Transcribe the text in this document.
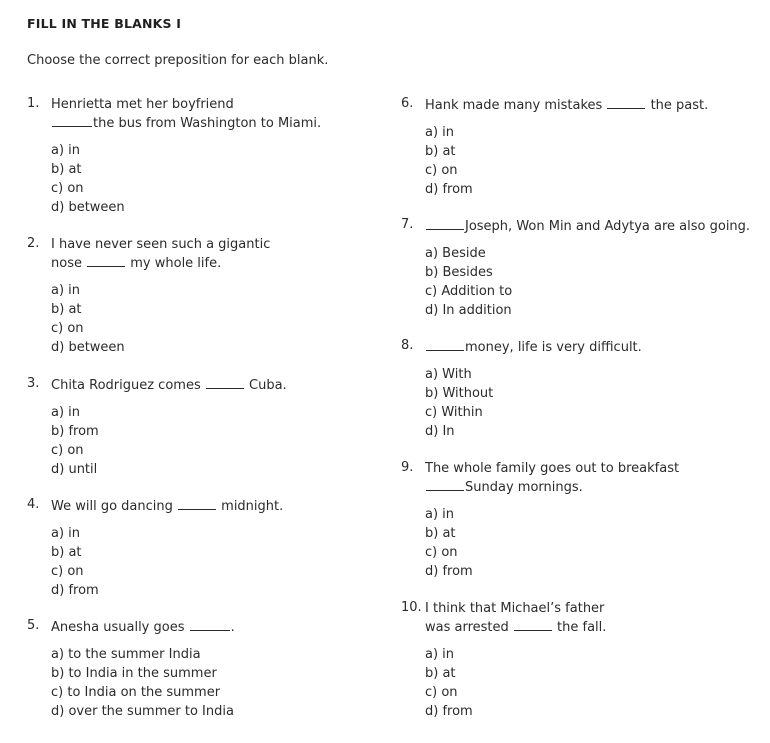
FILL IN THE BLANKS I
Choose the correct preposition for each blank.
1. Henrietta met her boyfriend
the bus from Washington to Miami.
a) in
b) at
c) on
d) between
2. I have never seen such a gigantic
nose	my whole life.
a) in
b) at
c) on
d) between
3. Chita Rodriguez comes	Cuba.
a) in
b) from
c) on
d) until
4. We will go dancing	midnight.
a) in
b) at
c) on
d) from
5. Anesha usually goes	.
a) to the summer India
b) to India in the summer
c) to India on the summer
d) over the summer to India
6. Hank made many mistakes	the past.
a) in
b) at
c) on
d) from
7.	Joseph, Won Min and Adytya are also going.
a) Beside
b) Besides
c) Addition to
d) In addition
8.	money, life is very difficult.
a) With
b) Without
c) Within
d) In
9. The whole family goes out to breakfast
Sunday mornings.
a) in
b) at
c) on
d) from
10. I think that Michael’s father
was arrested	the fall.
a) in
b) at
c) on
d) from
